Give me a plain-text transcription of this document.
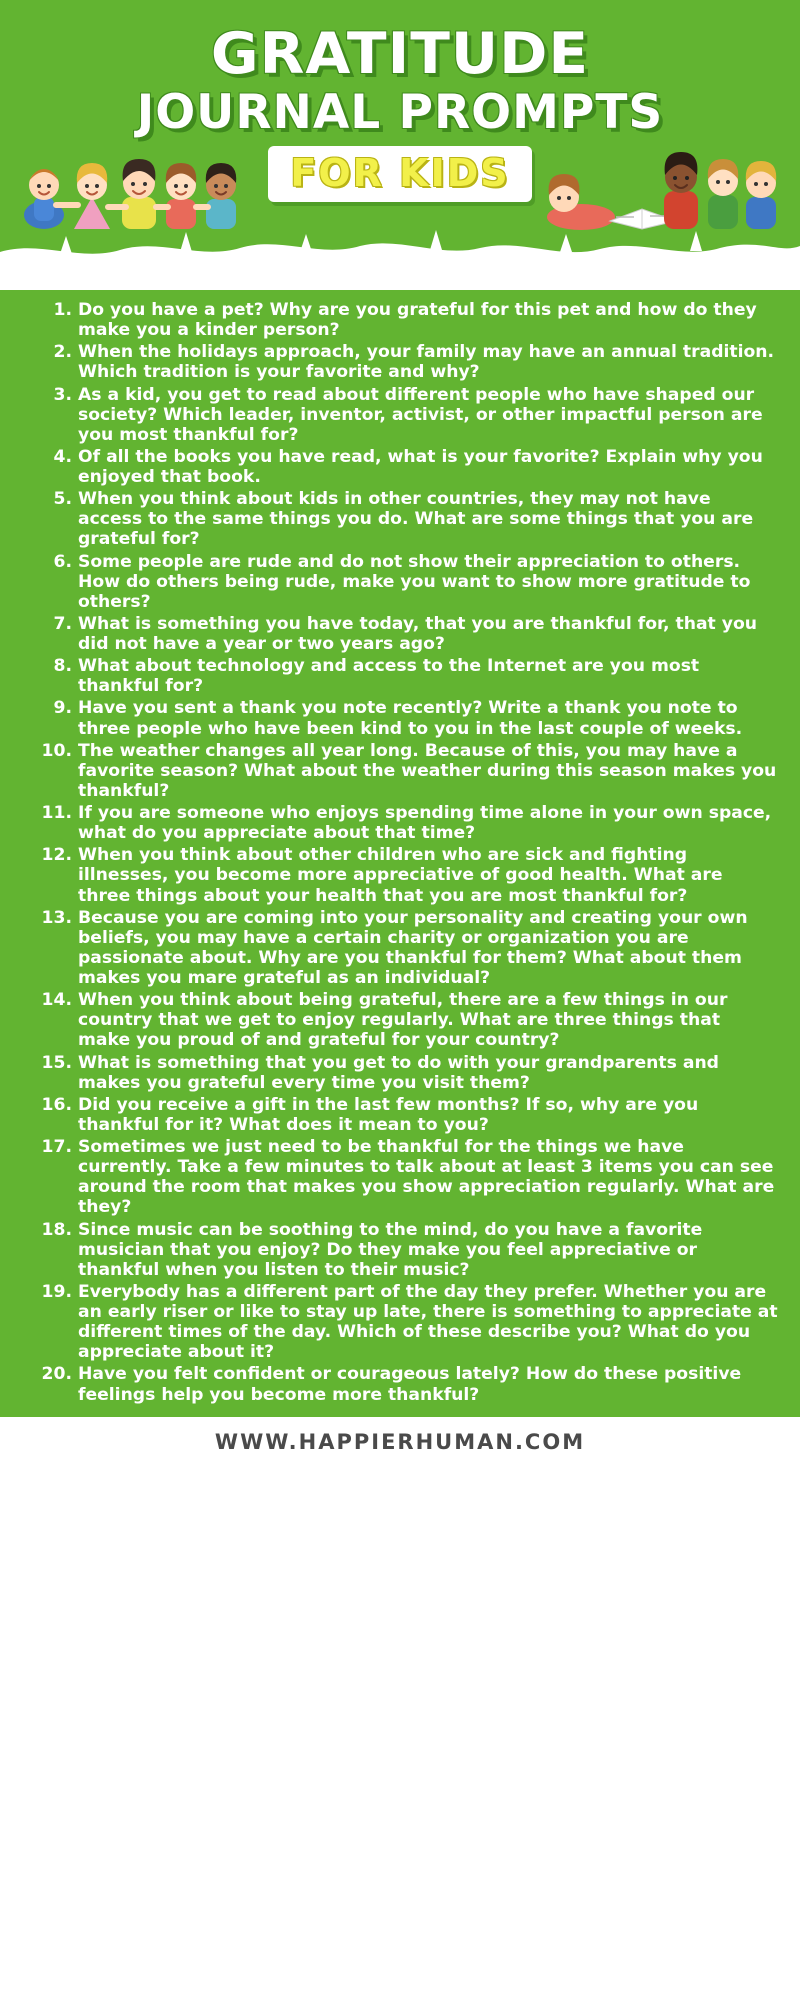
GRATITUDE
JOURNAL PROMPTS
FOR KIDS
Do you have a pet? Why are you grateful for this pet and how do they make you a kinder person?
When the holidays approach, your family may have an annual tradition. Which tradition is your favorite and why?
As a kid, you get to read about different people who have shaped our society? Which leader, inventor, activist, or other impactful person are you most thankful for?
Of all the books you have read, what is your favorite? Explain why you enjoyed that book.
When you think about kids in other countries, they may not have access to the same things you do. What are some things that you are grateful for?
Some people are rude and do not show their appreciation to others. How do others being rude, make you want to show more gratitude to others?
What is something you have today, that you are thankful for, that you did not have a year or two years ago?
What about technology and access to the Internet are you most thankful for?
Have you sent a thank you note recently? Write a thank you note to three people who have been kind to you in the last couple of weeks.
The weather changes all year long. Because of this, you may have a favorite season? What about the weather during this season makes you thankful?
If you are someone who enjoys spending time alone in your own space, what do you appreciate about that time?
When you think about other children who are sick and fighting illnesses, you become more appreciative of good health. What are three things about your health that you are most thankful for?
Because you are coming into your personality and creating your own beliefs, you may have a certain charity or organization you are passionate about. Why are you thankful for them? What about them makes you mare grateful as an individual?
When you think about being grateful, there are a few things in our country that we get to enjoy regularly. What are three things that make you proud of and grateful for your country?
What is something that you get to do with your grandparents and makes you grateful every time you visit them?
Did you receive a gift in the last few months? If so, why are you thankful for it? What does it mean to you?
Sometimes we just need to be thankful for the things we have currently. Take a few minutes to talk about at least 3 items you can see around the room that makes you show appreciation regularly. What are they?
Since music can be soothing to the mind, do you have a favorite musician that you enjoy? Do they make you feel appreciative or thankful when you listen to their music?
Everybody has a different part of the day they prefer. Whether you are an early riser or like to stay up late, there is something to appreciate at different times of the day. Which of these describe you? What do you appreciate about it?
Have you felt confident or courageous lately? How do these positive feelings help you become more thankful?
WWW.HAPPIERHUMAN.COM
